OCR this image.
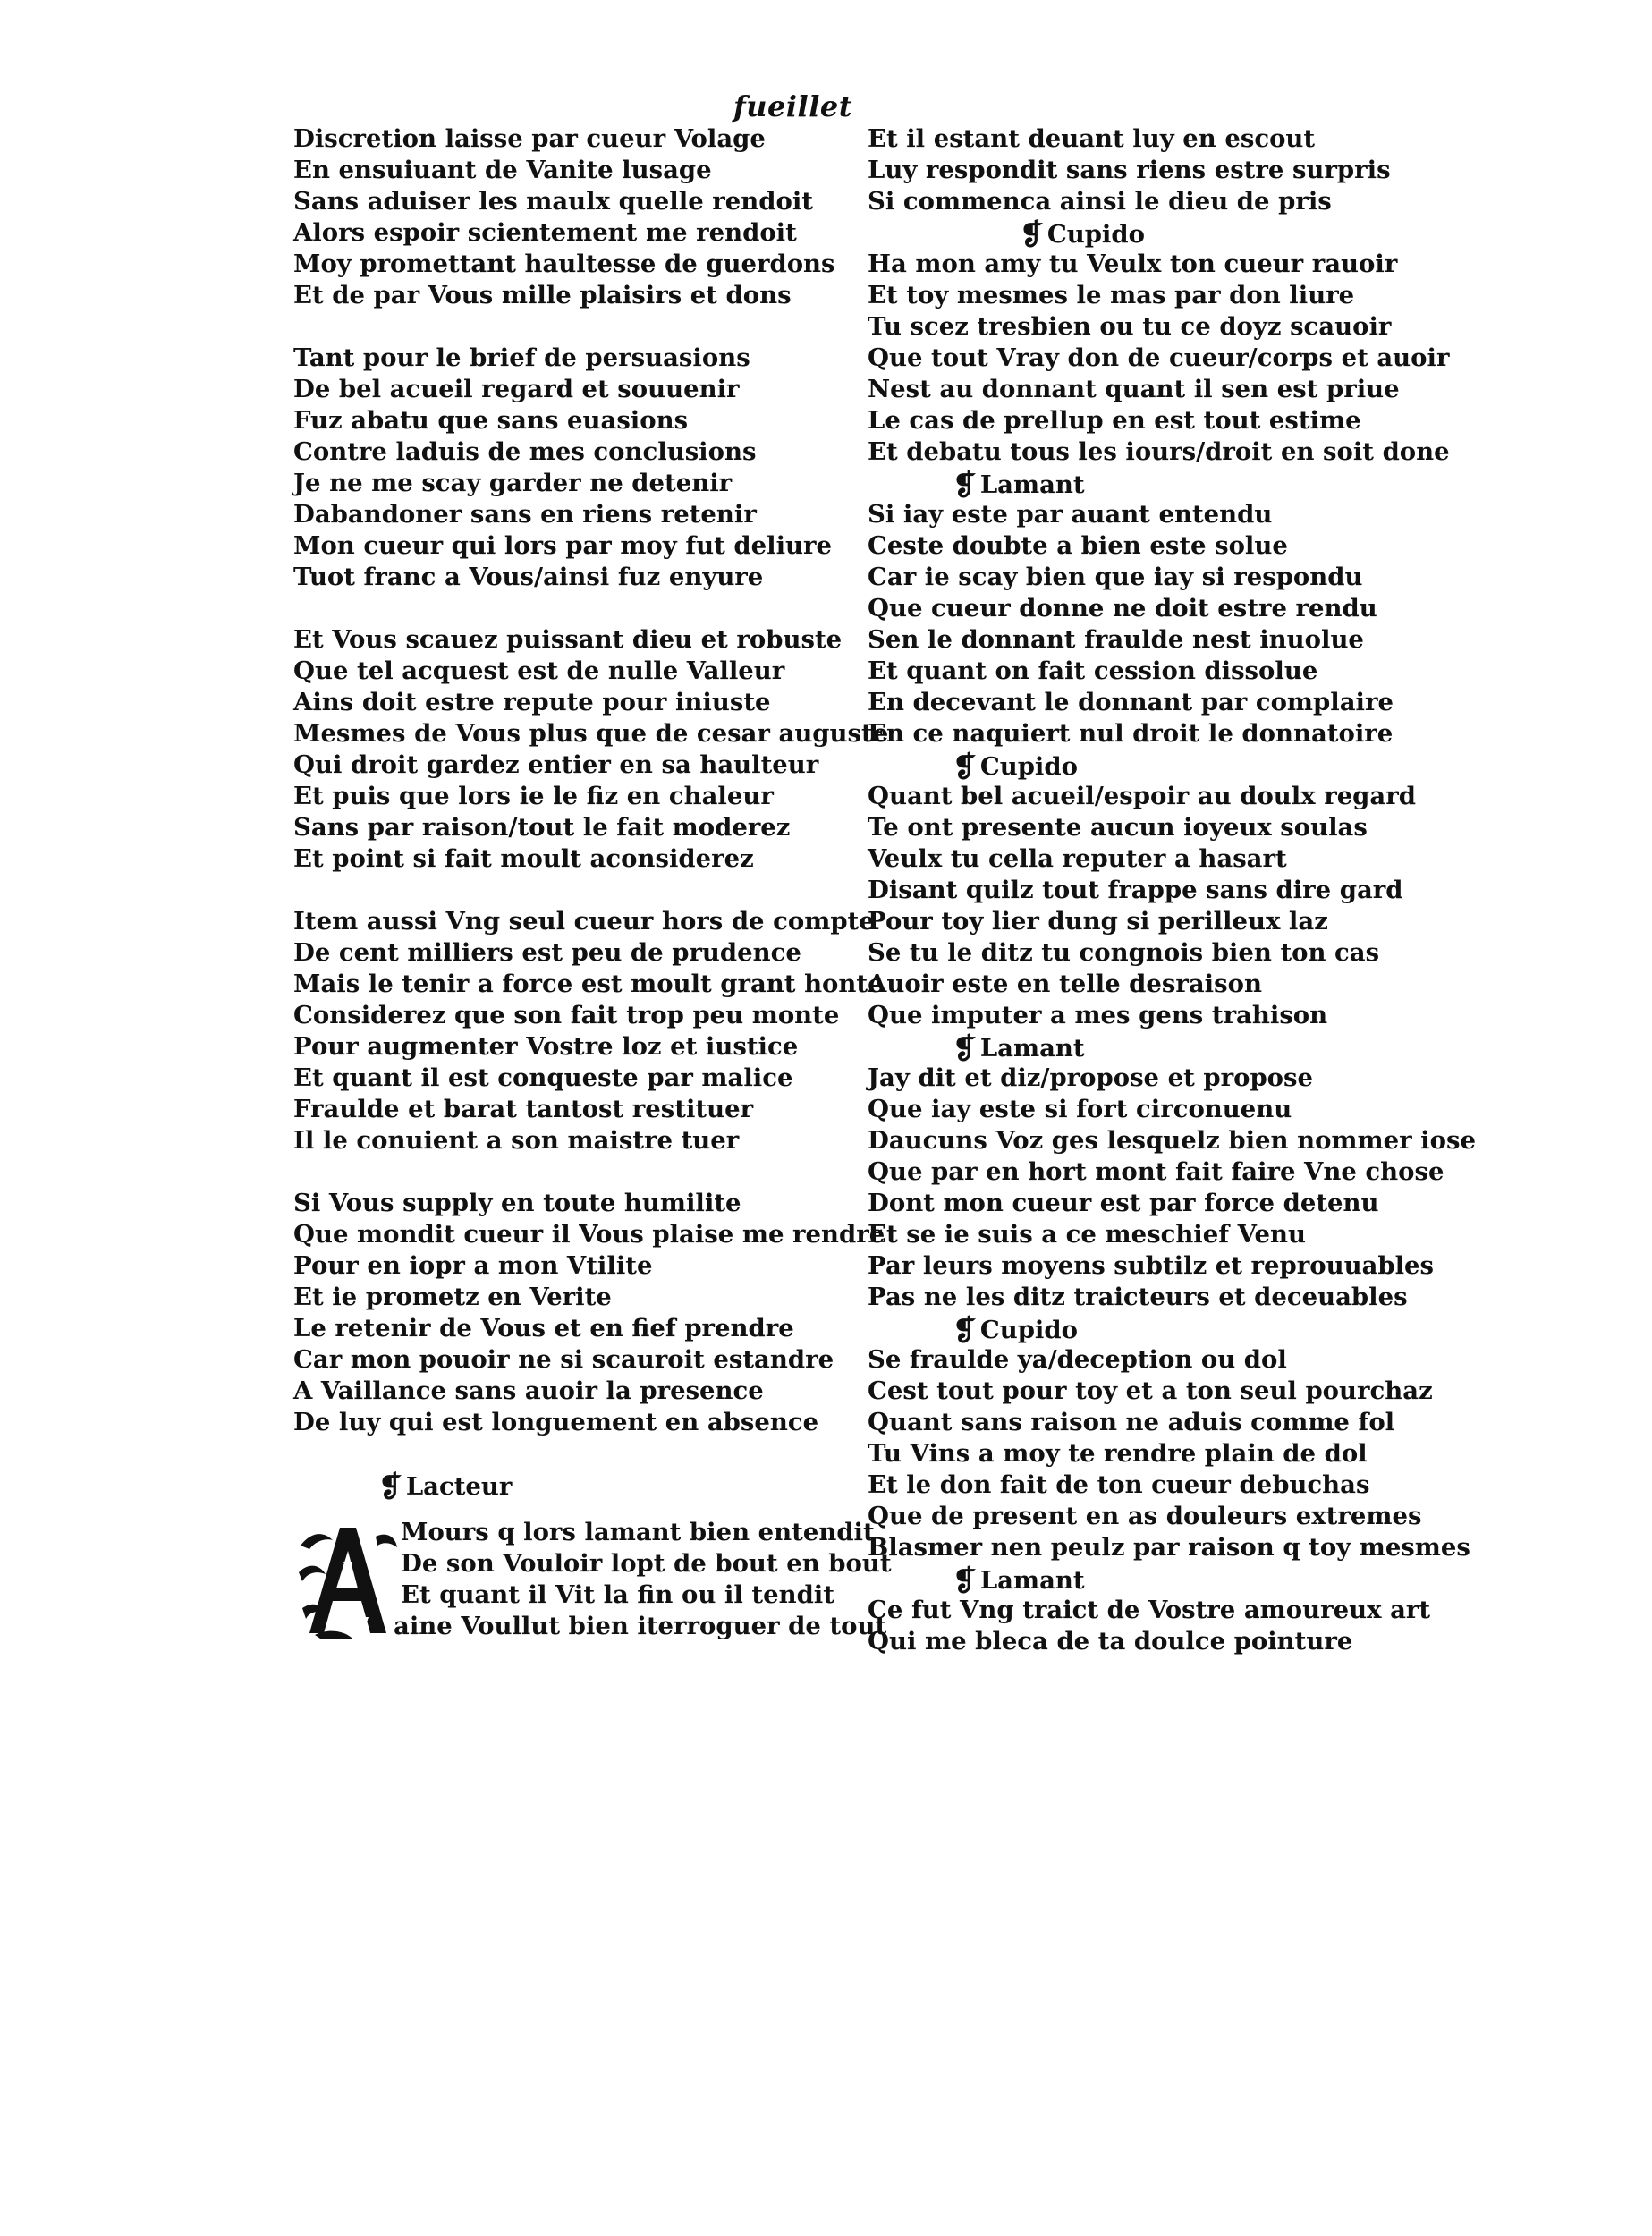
fueillet
Discretion laisse par cueur Volage
En ensuiuant de Vanite lusage
Sans aduiser les maulx quelle rendoit
Alors espoir scientement me rendoit
Moy promettant haultesse de guerdons
Et de par Vous mille plaisirs et dons
Tant pour le brief de persuasions
De bel acueil regard et souuenir
Fuz abatu que sans euasions
Contre laduis de mes conclusions
Je ne me scay garder ne detenir
Dabandoner sans en riens retenir
Mon cueur qui lors par moy fut deliure
Tuot franc a Vous/ainsi fuz enyure
Et Vous scauez puissant dieu et robuste
Que tel acquest est de nulle Valleur
Ains doit estre repute pour iniuste
Mesmes de Vous plus que de cesar auguste
Qui droit gardez entier en sa haulteur
Et puis que lors ie le fiz en chaleur
Sans par raison/tout le fait moderez
Et point si fait moult aconsiderez
Item aussi Vng seul cueur hors de compte
De cent milliers est peu de prudence
Mais le tenir a force est moult grant honte
Considerez que son fait trop peu monte
Pour augmenter Vostre loz et iustice
Et quant il est conqueste par malice
Fraulde et barat tantost restituer
Il le conuient a son maistre tuer
Si Vous supply en toute humilite
Que mondit cueur il Vous plaise me rendre
Pour en iopr a mon Vtilite
Et ie prometz en Verite
Le retenir de Vous et en fief prendre
Car mon pouoir ne si scauroit estandre
A Vaillance sans auoir la presence
De luy qui est longuement en absence
❡ Lacteur
Mours q lors lamant bien entendit
De son Vouloir lopt de bout en bout
Et quant il Vit la fin ou il tendit
aine Voullut bien iterroguer de tout
Et il estant deuant luy en escout
Luy respondit sans riens estre surpris
Si commenca ainsi le dieu de pris
❡ Cupido
Ha mon amy tu Veulx ton cueur rauoir
Et toy mesmes le mas par don liure
Tu scez tresbien ou tu ce doyz scauoir
Que tout Vray don de cueur/corps et auoir
Nest au donnant quant il sen est priue
Le cas de prellup en est tout estime
Et debatu tous les iours/droit en soit done
❡ Lamant
Si iay este par auant entendu
Ceste doubte a bien este solue
Car ie scay bien que iay si respondu
Que cueur donne ne doit estre rendu
Sen le donnant fraulde nest inuolue
Et quant on fait cession dissolue
En decevant le donnant par complaire
En ce naquiert nul droit le donnatoire
❡ Cupido
Quant bel acueil/espoir au doulx regard
Te ont presente aucun ioyeux soulas
Veulx tu cella reputer a hasart
Disant quilz tout frappe sans dire gard
Pour toy lier dung si perilleux laz
Se tu le ditz tu congnois bien ton cas
Auoir este en telle desraison
Que imputer a mes gens trahison
❡ Lamant
Jay dit et diz/propose et propose
Que iay este si fort circonuenu
Daucuns Voz ges lesquelz bien nommer iose
Que par en hort mont fait faire Vne chose
Dont mon cueur est par force detenu
Et se ie suis a ce meschief Venu
Par leurs moyens subtilz et reprouuables
Pas ne les ditz traicteurs et deceuables
❡ Cupido
Se fraulde ya/deception ou dol
Cest tout pour toy et a ton seul pourchaz
Quant sans raison ne aduis comme fol
Tu Vins a moy te rendre plain de dol
Et le don fait de ton cueur debuchas
Que de present en as douleurs extremes
Blasmer nen peulz par raison q toy mesmes
❡ Lamant
Ce fut Vng traict de Vostre amoureux art
Qui me bleca de ta doulce pointure
